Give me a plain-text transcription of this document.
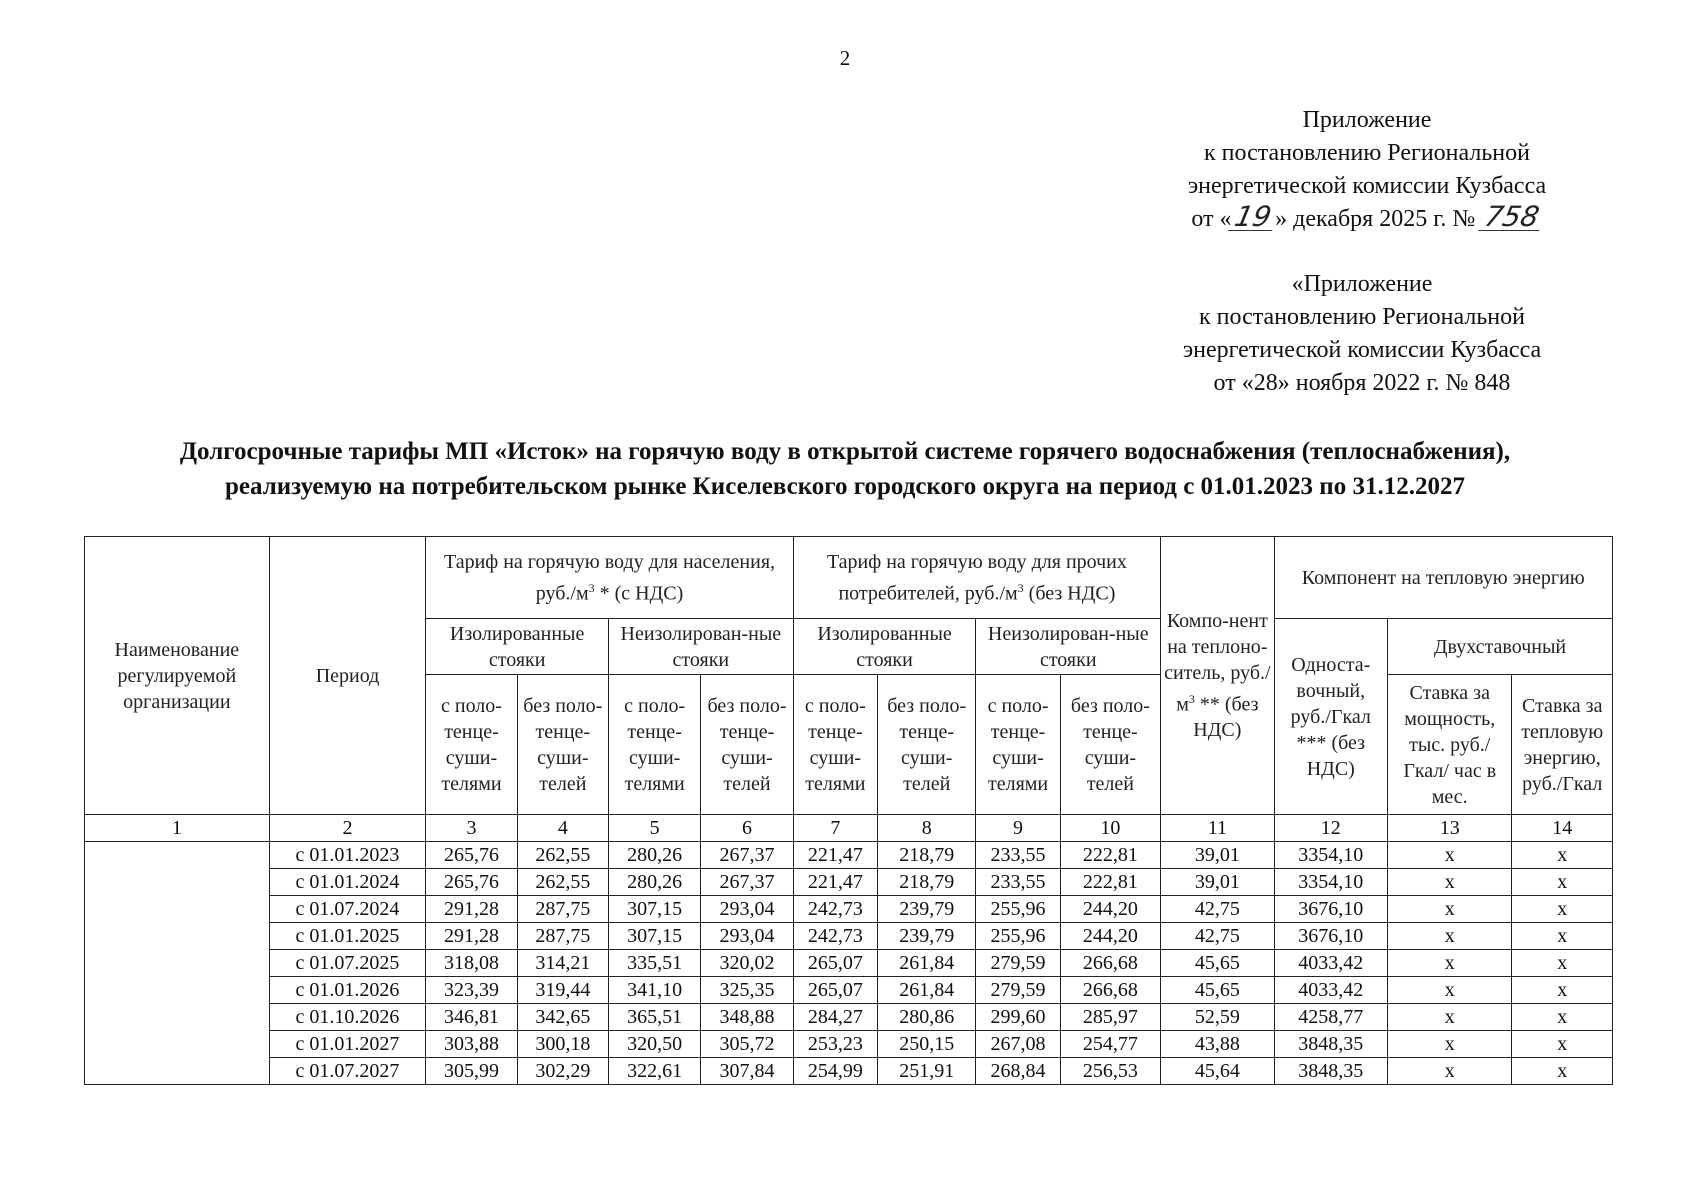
2
Приложение
к постановлению Региональной
энергетической комиссии Кузбасса
от «19» декабря 2025 г. № 758
«Приложение
к постановлению Региональной
энергетической комиссии Кузбасса
от «28» ноября 2022 г. № 848
Долгосрочные тарифы МП «Исток» на горячую воду в открытой системе горячего водоснабжения (теплоснабжения),
реализуемую на потребительском рынке Киселевского городского округа на период с 01.01.2023 по 31.12.2027
Наименование регулируемой организации	Период	Тариф на горячую воду для населения, $руб./м^3 * (с$ НДС)				Тариф на горячую воду для прочих потребителей, $руб./м^3$ (без НДС)				Компо-нент на теплоно-ситель, $руб./м^3 ** (без$ НДС)	Компонент на тепловую энергию		
		Изолированные стояки		Неизолирован-ные стояки		Изолированные стояки		Неизолирован-ные стояки			Односта-вочный, руб./Гкал *** (без НДС)	Двухставочный	
		с поло-тенце-суши-телями	без поло-тенце-суши-телей	с поло-тенце-суши-телями	без поло-тенце-суши-телей	с поло-тенце-суши-телями	без поло-тенце-суши-телей	с поло-тенце-суши-телями	без поло-тенце-суши-телей			Ставка за мощность, тыс. руб./ Гкал/ час в мес.	Ставка за тепловую энергию, руб./Гкал
1	2	3	4	5	6	7	8	9	10	11	12	13	14
	с 01.01.2023	265,76	262,55	280,26	267,37	221,47	218,79	233,55	222,81	39,01	3354,10	х	х
	с 01.01.2024	265,76	262,55	280,26	267,37	221,47	218,79	233,55	222,81	39,01	3354,10	х	х
	с 01.07.2024	291,28	287,75	307,15	293,04	242,73	239,79	255,96	244,20	42,75	3676,10	х	х
	с 01.01.2025	291,28	287,75	307,15	293,04	242,73	239,79	255,96	244,20	42,75	3676,10	х	х
	с 01.07.2025	318,08	314,21	335,51	320,02	265,07	261,84	279,59	266,68	45,65	4033,42	х	х
	с 01.01.2026	323,39	319,44	341,10	325,35	265,07	261,84	279,59	266,68	45,65	4033,42	х	х
	с 01.10.2026	346,81	342,65	365,51	348,88	284,27	280,86	299,60	285,97	52,59	4258,77	х	х
	с 01.01.2027	303,88	300,18	320,50	305,72	253,23	250,15	267,08	254,77	43,88	3848,35	х	х
	с 01.07.2027	305,99	302,29	322,61	307,84	254,99	251,91	268,84	256,53	45,64	3848,35	х	х
